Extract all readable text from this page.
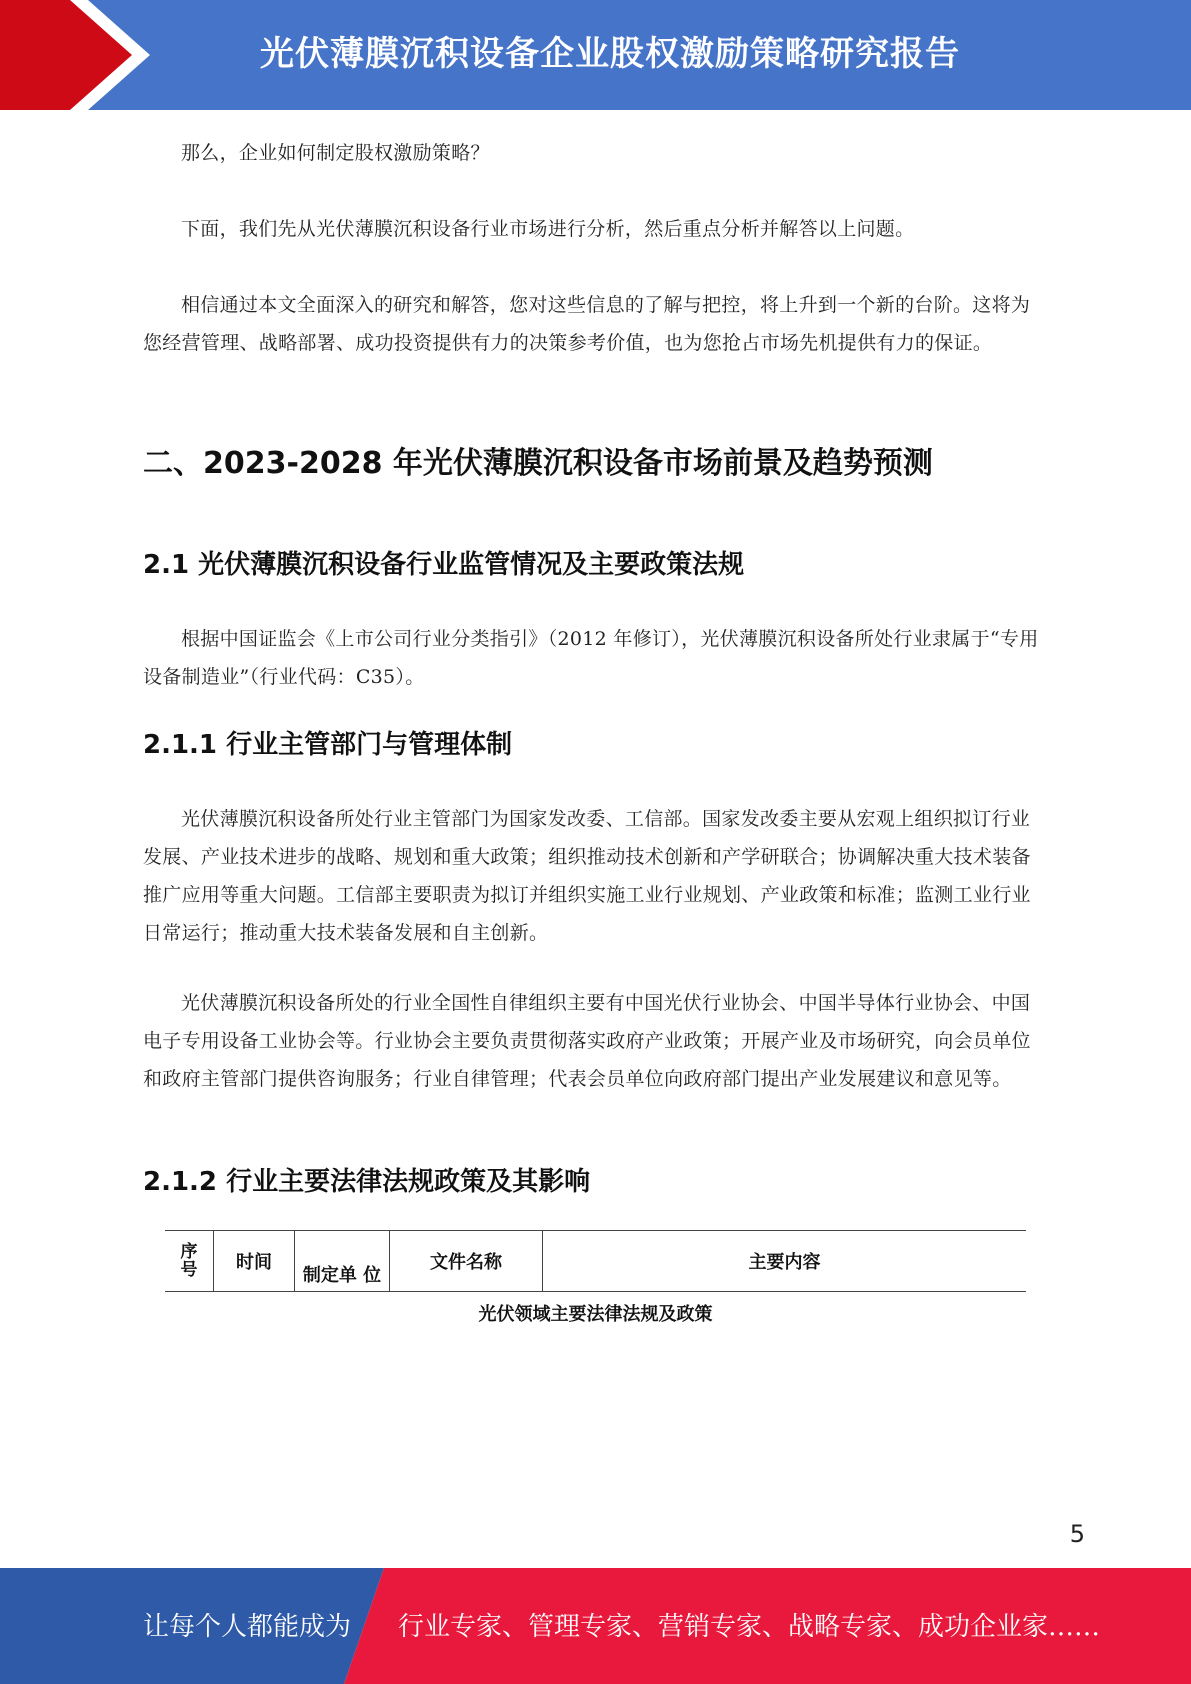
光伏薄膜沉积设备企业股权激励策略研究报告

那么，企业如何制定股权激励策略？

下面，我们先从光伏薄膜沉积设备行业市场进行分析，然后重点分析并解答以上问题。

相信通过本文全面深入的研究和解答，您对这些信息的了解与把控，将上升到一个新的台阶。这将为您经营管理、战略部署、成功投资提供有力的决策参考价值，也为您抢占市场先机提供有力的保证。

二、2023-2028 年光伏薄膜沉积设备市场前景及趋势预测
2.1 光伏薄膜沉积设备行业监管情况及主要政策法规

根据中国证监会《上市公司行业分类指引》（2012 年修订），光伏薄膜沉积设备所处行业隶属于“专用设备制造业”（行业代码：C35）。

2.1.1 行业主管部门与管理体制

光伏薄膜沉积设备所处行业主管部门为国家发改委、工信部。国家发改委主要从宏观上组织拟订行业发展、产业技术进步的战略、规划和重大政策；组织推动技术创新和产学研联合；协调解决重大技术装备推广应用等重大问题。工信部主要职责为拟订并组织实施工业行业规划、产业政策和标准；监测工业行业日常运行；推动重大技术装备发展和自主创新。

光伏薄膜沉积设备所处的行业全国性自律组织主要有中国光伏行业协会、中国半导体行业协会、中国电子专用设备工业协会等。行业协会主要负责贯彻落实政府产业政策；开展产业及市场研究，向会员单位和政府主管部门提供咨询服务；行业自律管理；代表会员单位向政府部门提出产业发展建议和意见等。

2.1.2 行业主要法律法规政策及其影响
序
号	时间	制定单 位	文件名称	主要内容
光伏领域主要法律法规及政策
5
让每个人都能成为 行业专家、管理专家、营销专家、战略专家、成功企业家……
